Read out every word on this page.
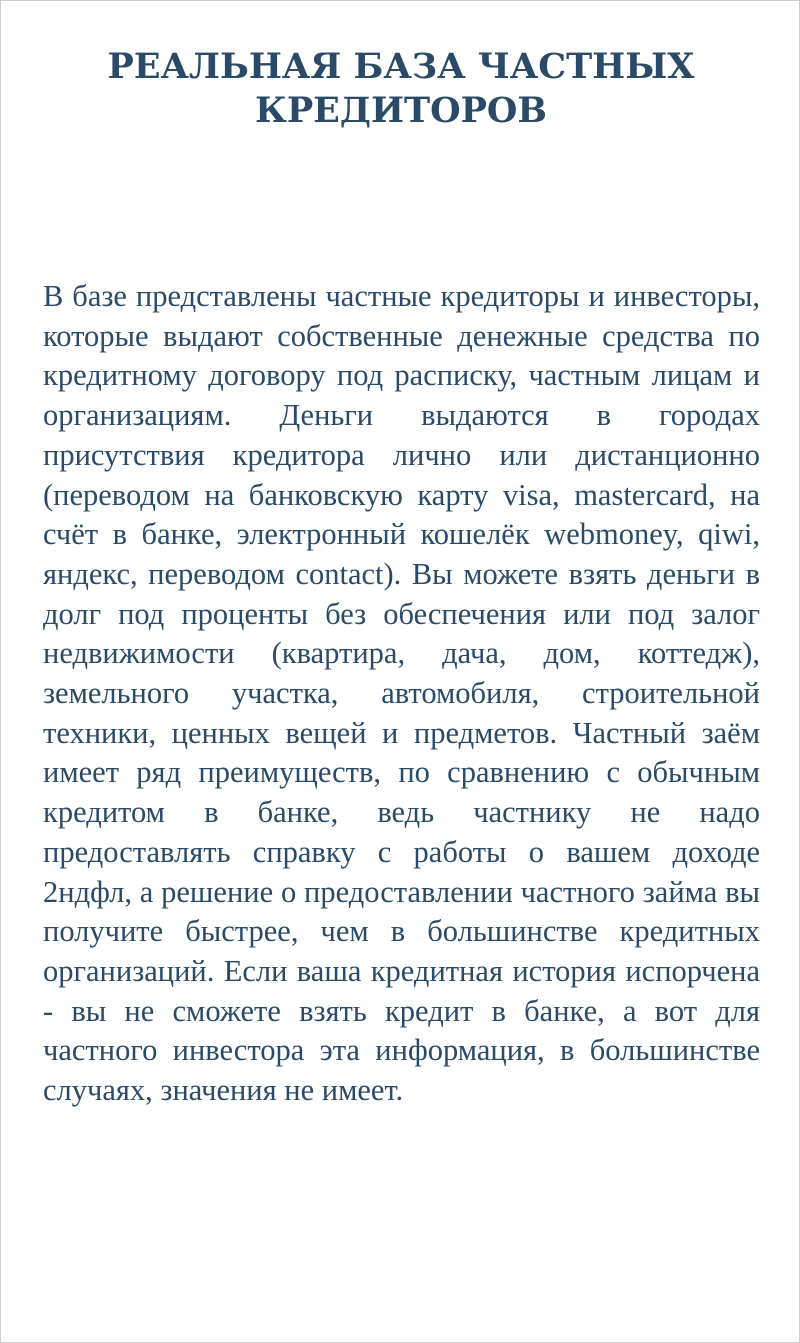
РЕАЛЬНАЯ БАЗА ЧАСТНЫХ КРЕДИТОРОВ

В базе представлены частные кредиторы и инвесторы, которые выдают собственные денежные средства по кредитному договору под расписку, частным лицам и организациям. Деньги выдаются в городах присутствия кредитора лично или дистанционно (переводом на банковскую карту visa, mastercard, на счёт в банке, электронный кошелёк webmoney, qiwi, яндекс, переводом contact). Вы можете взять деньги в долг под проценты без обеспечения или под залог недвижимости (квартира, дача, дом, коттедж), земельного участка, автомобиля, строительной техники, ценных вещей и предметов. Частный заём имеет ряд преимуществ, по сравнению с обычным кредитом в банке, ведь частнику не надо предоставлять справку с работы о вашем доходе 2ндфл, а решение о предоставлении частного займа вы получите быстрее, чем в большинстве кредитных организаций. Если ваша кредитная история испорчена - вы не сможете взять кредит в банке, а вот для частного инвестора эта информация, в большинстве случаях, значения не имеет.
